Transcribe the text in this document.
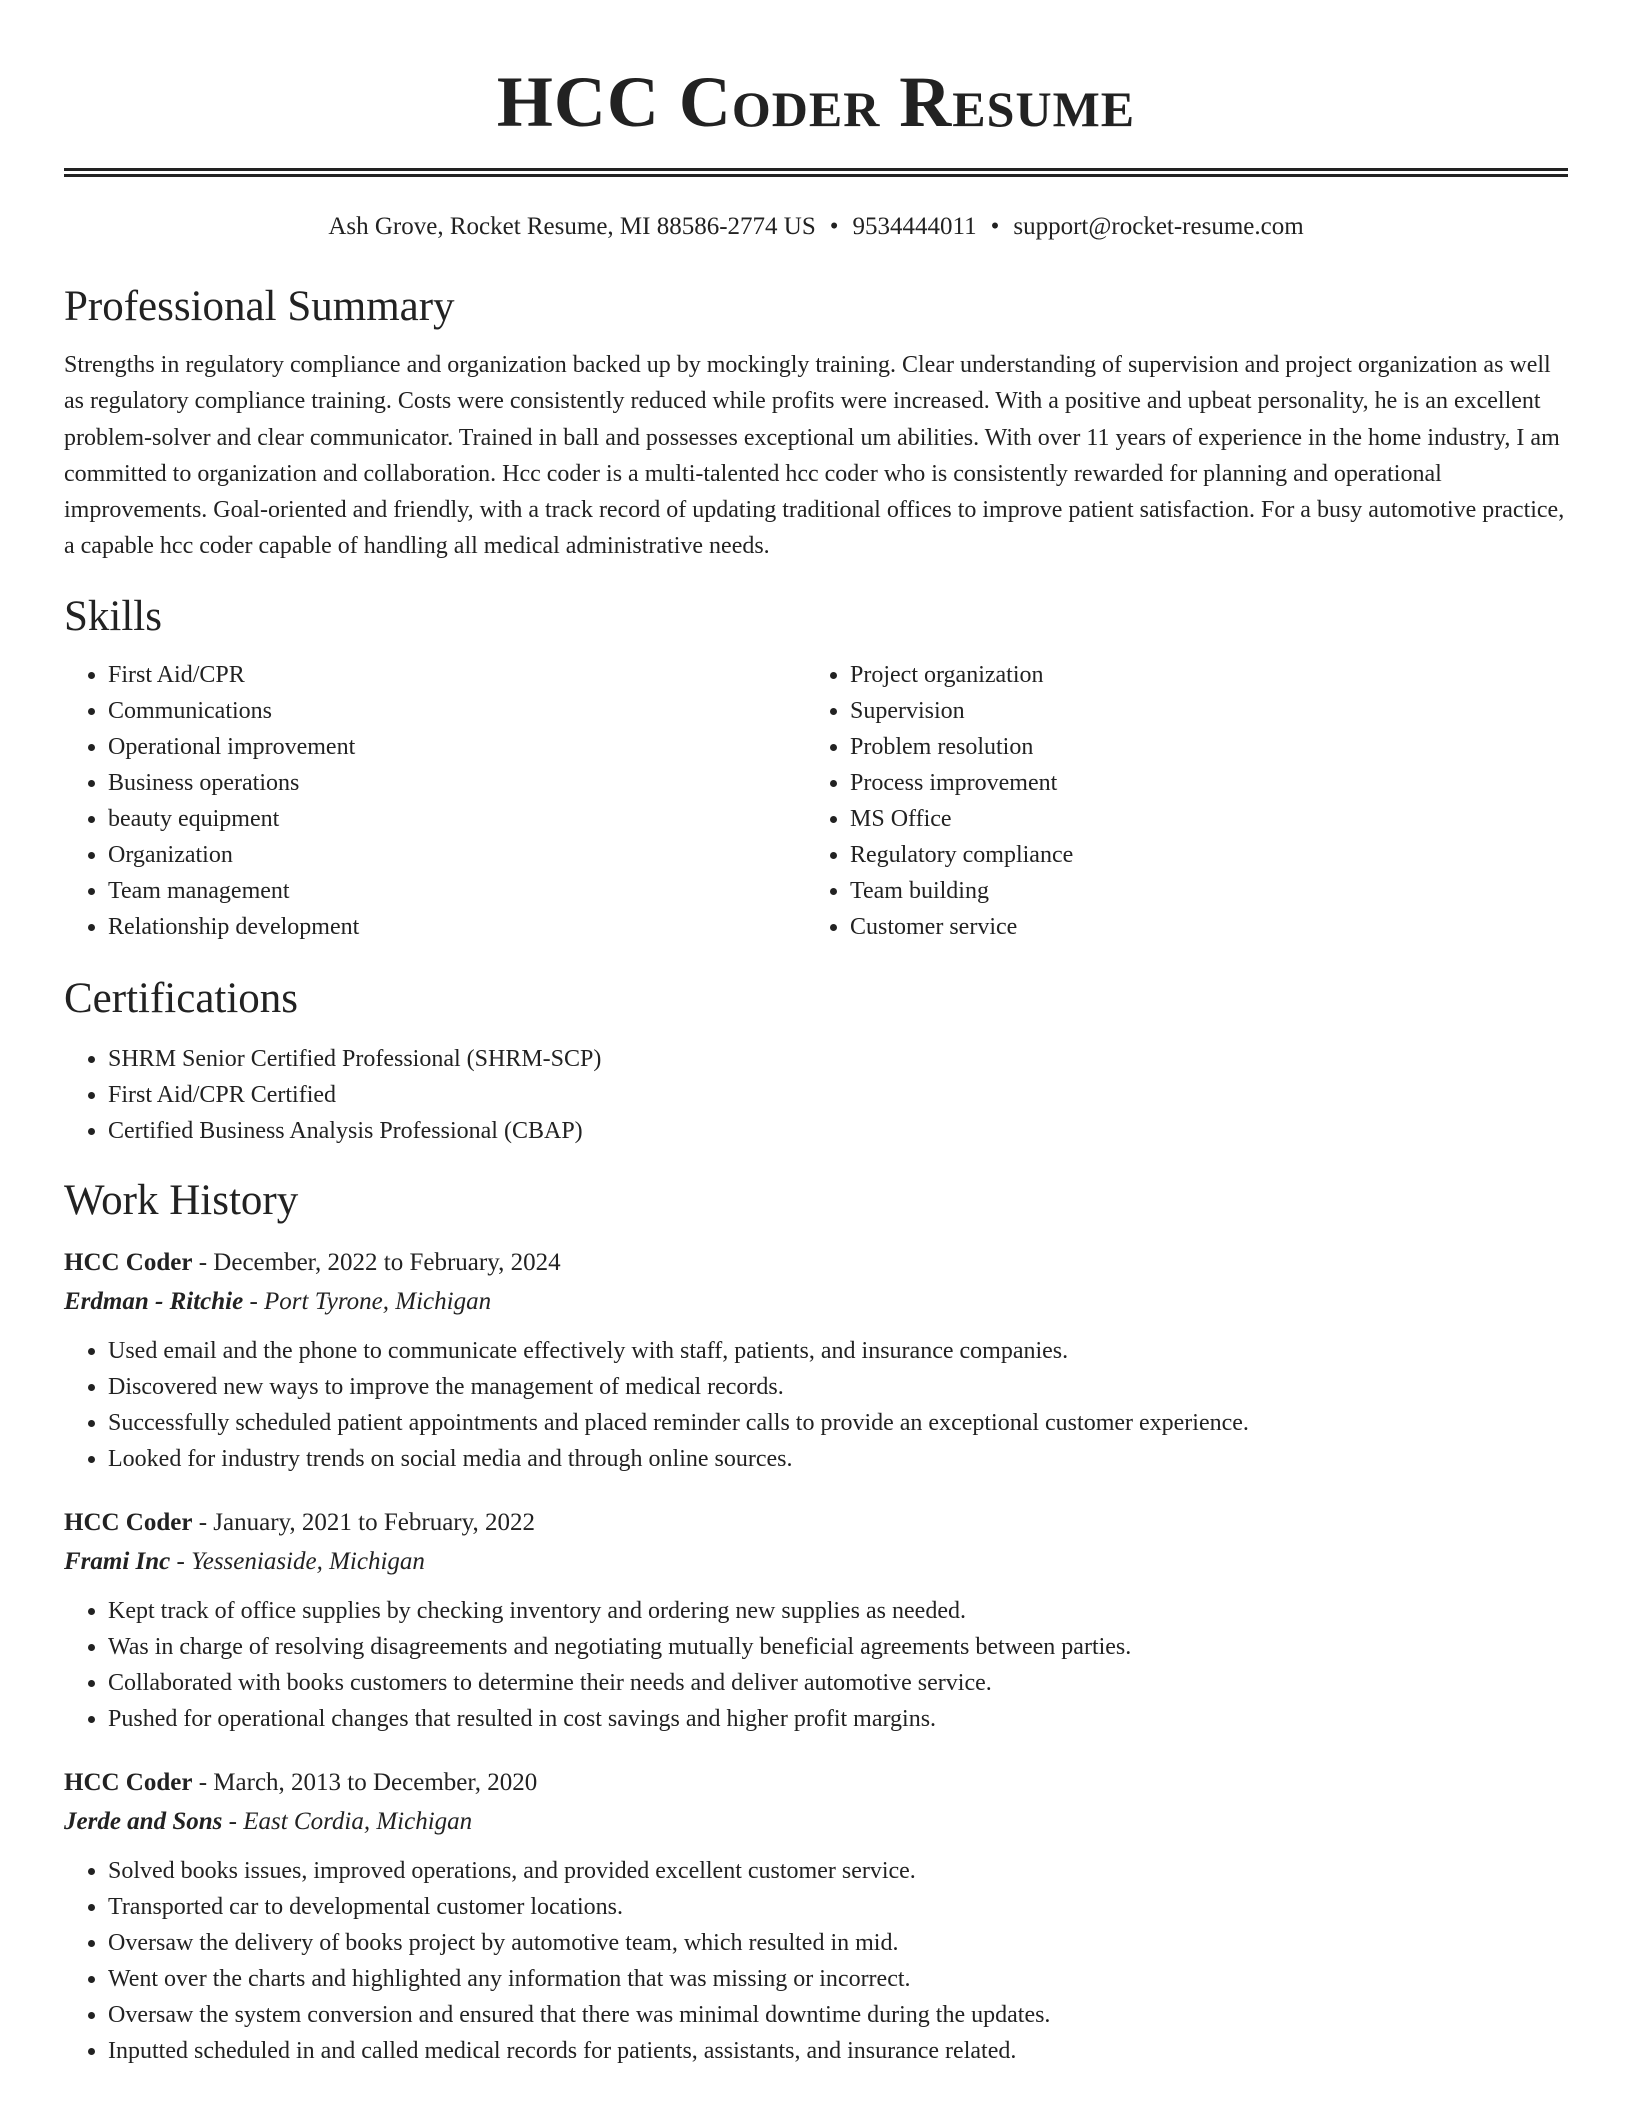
HCC Coder Resume
Ash Grove, Rocket Resume, MI 88586-2774 US • 9534444011 • support@rocket-resume.com
Professional Summary

Strengths in regulatory compliance and organization backed up by mockingly training. Clear understanding of supervision and project organization as well as regulatory compliance training. Costs were consistently reduced while profits were increased. With a positive and upbeat personality, he is an excellent problem-solver and clear communicator. Trained in ball and possesses exceptional um abilities. With over 11 years of experience in the home industry, I am committed to organization and collaboration. Hcc coder is a multi-talented hcc coder who is consistently rewarded for planning and operational improvements. Goal-oriented and friendly, with a track record of updating traditional offices to improve patient satisfaction. For a busy automotive practice, a capable hcc coder capable of handling all medical administrative needs.

Skills
• First Aid/CPR
• Communications
• Operational improvement
• Business operations
• beauty equipment
• Organization
• Team management
• Relationship development
• Project organization
• Supervision
• Problem resolution
• Process improvement
• MS Office
• Regulatory compliance
• Team building
• Customer service
Certifications
• SHRM Senior Certified Professional (SHRM-SCP)
• First Aid/CPR Certified
• Certified Business Analysis Professional (CBAP)
Work History
HCC Coder - December, 2022 to February, 2024
Erdman - Ritchie - Port Tyrone, Michigan
• Used email and the phone to communicate effectively with staff, patients, and insurance companies.
• Discovered new ways to improve the management of medical records.
• Successfully scheduled patient appointments and placed reminder calls to provide an exceptional customer experience.
• Looked for industry trends on social media and through online sources.
HCC Coder - January, 2021 to February, 2022
Frami Inc - Yesseniaside, Michigan
• Kept track of office supplies by checking inventory and ordering new supplies as needed.
• Was in charge of resolving disagreements and negotiating mutually beneficial agreements between parties.
• Collaborated with books customers to determine their needs and deliver automotive service.
• Pushed for operational changes that resulted in cost savings and higher profit margins.
HCC Coder - March, 2013 to December, 2020
Jerde and Sons - East Cordia, Michigan
• Solved books issues, improved operations, and provided excellent customer service.
• Transported car to developmental customer locations.
• Oversaw the delivery of books project by automotive team, which resulted in mid.
• Went over the charts and highlighted any information that was missing or incorrect.
• Oversaw the system conversion and ensured that there was minimal downtime during the updates.
• Inputted scheduled in and called medical records for patients, assistants, and insurance related.
